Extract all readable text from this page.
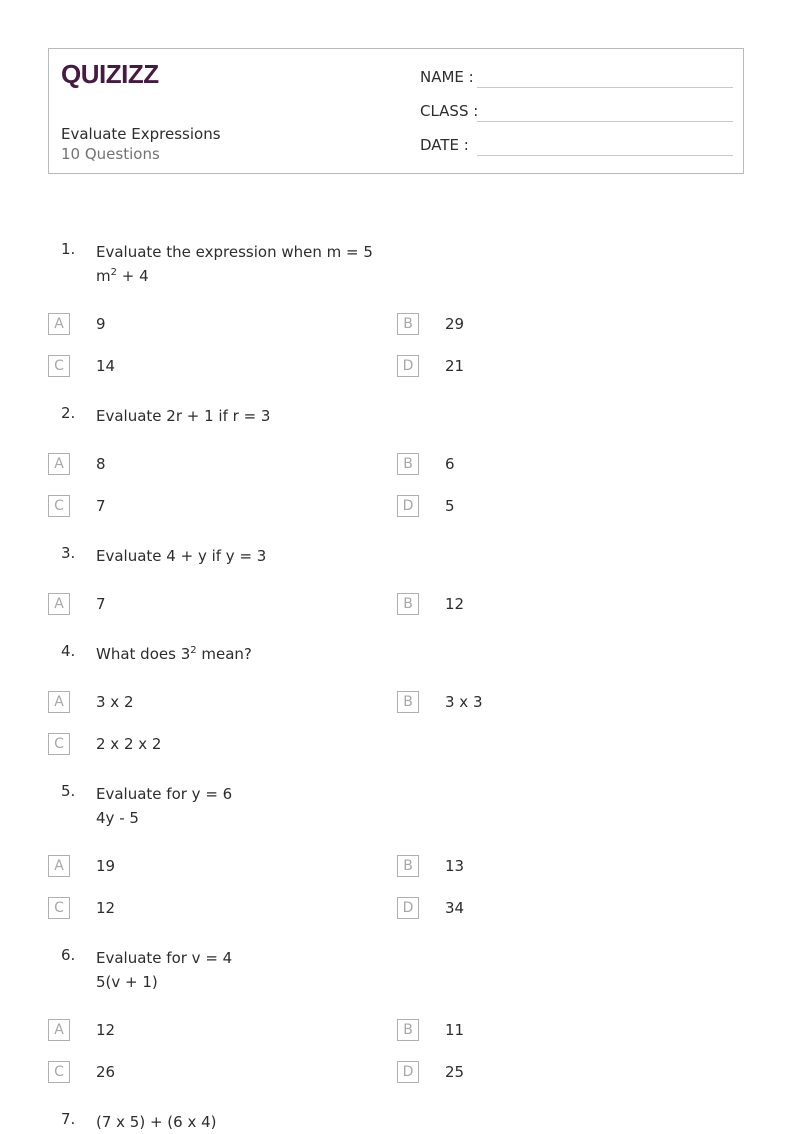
QUIZIZZ
Evaluate Expressions
10 Questions
NAME :
CLASS :
DATE :
1. Evaluate the expression when m = 5
$m^2 + 4$
A	9	B	29
C	14	D	21
2. Evaluate 2r + 1 if r = 3
A	8	B	6
C	7	D	5
3. Evaluate 4 + y if y = 3
A	7	B	12
4. What does $3^2$ mean?
A	3 x 2	B	3 x 3
C	2 x 2 x 2
5. Evaluate for y = 6
4y - 5
A	19	B	13
C	12	D	34
6. Evaluate for v = 4
5(v + 1)
A	12	B	11
C	26	D	25
7. (7 x 5) + (6 x 4)
